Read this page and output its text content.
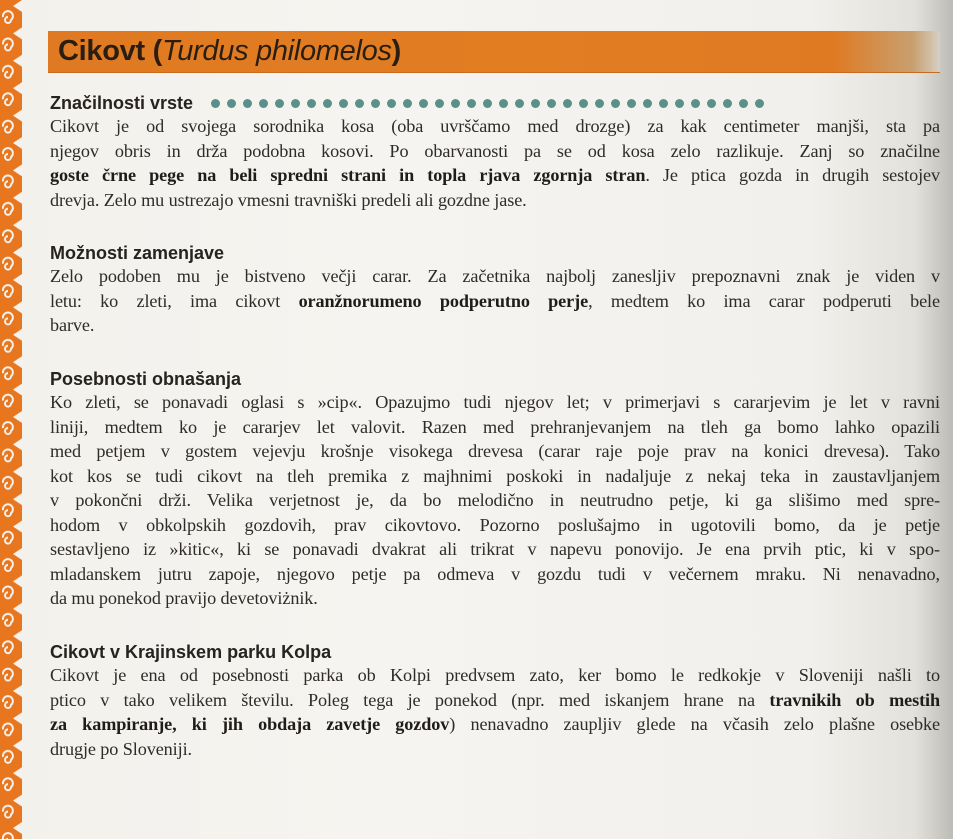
Cikovt (Turdus philomelos)
Značilnosti vrste

Cikovt je od svojega sorodnika kosa (oba uvrščamo med drozge) za kak centimeter manjši, sta pa
njegov obris in drža podobna kosovi. Po obarvanosti pa se od kosa zelo razlikuje. Zanj so značilne
goste črne pege na beli spredni strani in topla rjava zgornja stran. Je ptica gozda in drugih sestojev
drevja. Zelo mu ustrezajo vmesni travniški predeli ali gozdne jase.

Možnosti zamenjave

Zelo podoben mu je bistveno večji carar. Za začetnika najbolj zanesljiv prepoznavni znak je viden v
letu: ko zleti, ima cikovt oranžnorumeno podperutno perje, medtem ko ima carar podperuti bele
barve.

Posebnosti obnašanja

Ko zleti, se ponavadi oglasi s »cip«. Opazujmo tudi njegov let; v primerjavi s cararjevim je let v ravni
liniji, medtem ko je cararjev let valovit. Razen med prehranjevanjem na tleh ga bomo lahko opazili
med petjem v gostem vejevju krošnje visokega drevesa (carar raje poje prav na konici drevesa). Tako
kot kos se tudi cikovt na tleh premika z majhnimi poskoki in nadaljuje z nekaj teka in zaustavljanjem
v pokončni drži. Velika verjetnost je, da bo melodično in neutrudno petje, ki ga slišimo med spre-
hodom v obkolpskih gozdovih, prav cikovtovo. Pozorno poslušajmo in ugotovili bomo, da je petje
sestavljeno iz »kitic«, ki se ponavadi dvakrat ali trikrat v napevu ponovijo. Je ena prvih ptic, ki v spo-
mladanskem jutru zapoje, njegovo petje pa odmeva v gozdu tudi v večernem mraku. Ni nenavadno,
da mu ponekod pravijo devetoviżnik.

Cikovt v Krajinskem parku Kolpa

Cikovt je ena od posebnosti parka ob Kolpi predvsem zato, ker bomo le redkokje v Sloveniji našli to
ptico v tako velikem številu. Poleg tega je ponekod (npr. med iskanjem hrane na travnikih ob mestih
za kampiranje, ki jih obdaja zavetje gozdov) nenavadno zaupljiv glede na včasih zelo plašne osebke
drugje po Sloveniji.
